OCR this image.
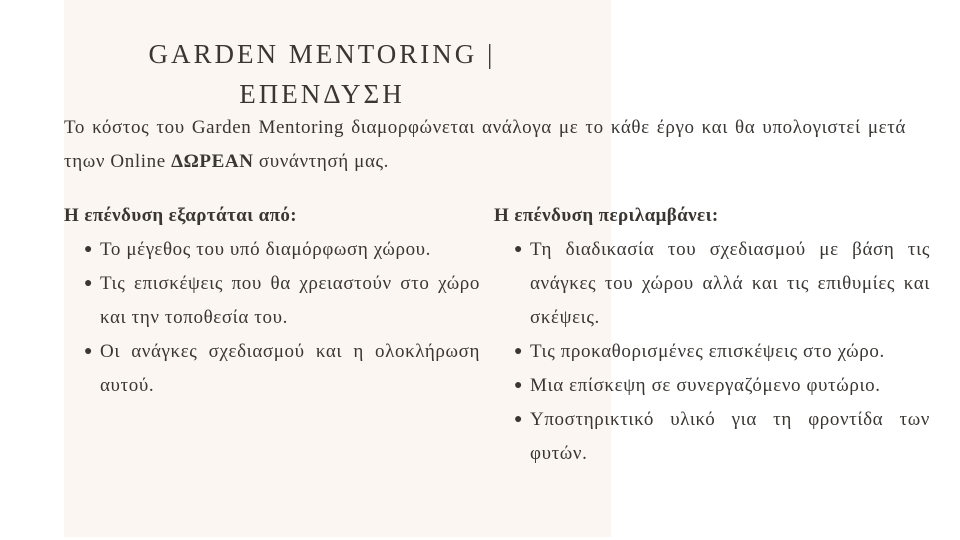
GARDEN MENTORING | ΕΠΕΝΔΥΣΗ

Το κόστος του Garden Mentoring διαμορφώνεται ανάλογα με το κάθε έργο και θα υπολογιστεί μετά τηων Online ΔΩΡΕΑΝ συνάντησή μας.

Η επένδυση εξαρτάται από:
● Το μέγεθος του υπό διαμόρφωση χώρου.
● Τις επισκέψεις που θα χρειαστούν στο χώρο και την τοποθεσία του.
● Οι ανάγκες σχεδιασμού και η ολοκλήρωση αυτού.
Η επένδυση περιλαμβάνει:
● Τη διαδικασία του σχεδιασμού με βάση τις ανάγκες του χώρου αλλά και τις επιθυμίες και σκέψεις.
● Τις προκαθορισμένες επισκέψεις στο χώρο.
● Μια επίσκεψη σε συνεργαζόμενο φυτώριο.
● Υποστηρικτικό υλικό για τη φροντίδα των φυτών.
